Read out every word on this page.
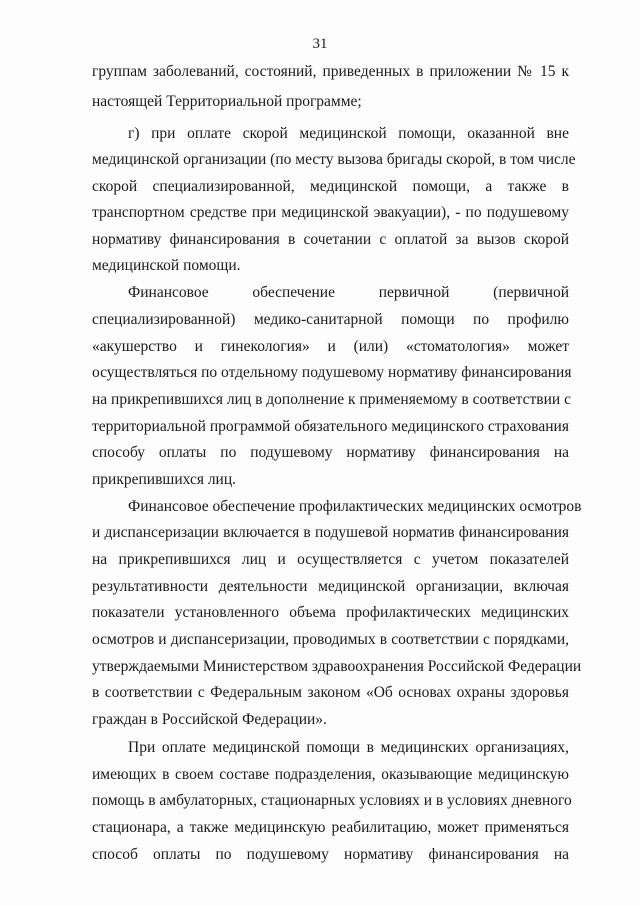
31
группам заболеваний, состояний, приведенных в приложении № 15 к
настоящей Территориальной программе;
г) при оплате скорой медицинской помощи, оказанной вне
медицинской организации (по месту вызова бригады скорой, в том числе
скорой специализированной, медицинской помощи, а также в
транспортном средстве при медицинской эвакуации), - по подушевому
нормативу финансирования в сочетании с оплатой за вызов скорой
медицинской помощи.
Финансовое обеспечение первичной (первичной
специализированной) медико-санитарной помощи по профилю
«акушерство и гинекология» и (или) «стоматология» может
осуществляться по отдельному подушевому нормативу финансирования
на прикрепившихся лиц в дополнение к применяемому в соответствии с
территориальной программой обязательного медицинского страхования
способу оплаты по подушевому нормативу финансирования на
прикрепившихся лиц.
Финансовое обеспечение профилактических медицинских осмотров
и диспансеризации включается в подушевой норматив финансирования
на прикрепившихся лиц и осуществляется с учетом показателей
результативности деятельности медицинской организации, включая
показатели установленного объема профилактических медицинских
осмотров и диспансеризации, проводимых в соответствии с порядками,
утверждаемыми Министерством здравоохранения Российской Федерации
в соответствии с Федеральным законом «Об основах охраны здоровья
граждан в Российской Федерации».
При оплате медицинской помощи в медицинских организациях,
имеющих в своем составе подразделения, оказывающие медицинскую
помощь в амбулаторных, стационарных условиях и в условиях дневного
стационара, а также медицинскую реабилитацию, может применяться
способ оплаты по подушевому нормативу финансирования на
